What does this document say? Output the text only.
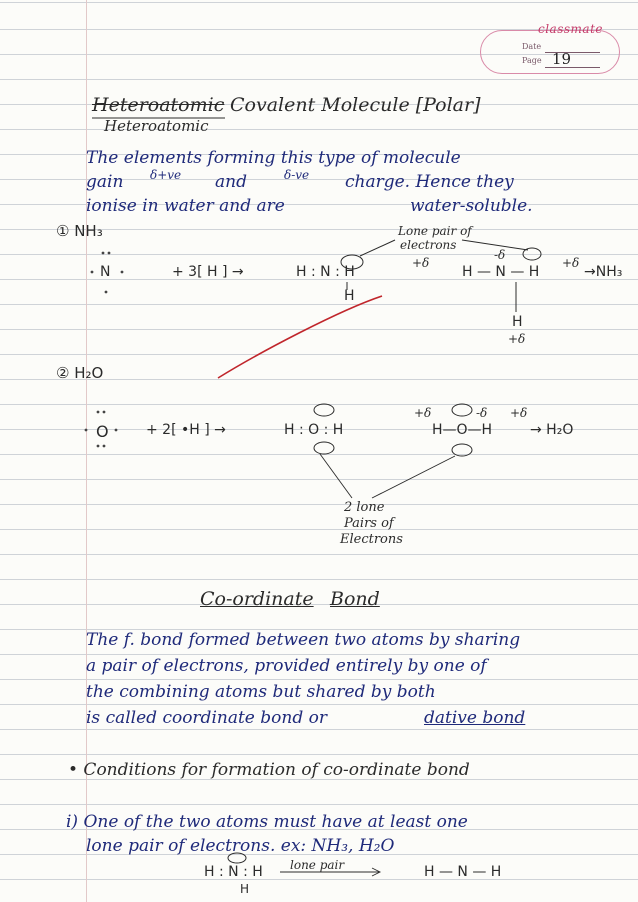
classmate
Date
Page 19
Heteroatomic Covalent Molecule [Polar]
Heteroatomic
The elements forming this type of molecule
gain δ+ve and	δ-ve charge. Hence they
ionise in water and are	water-soluble.
① NH₃	Lone pair of
electrons
N	+ 3[ H ] →	H : N : H
H
+δ
H — N — H
-δ
+δ
H
+δ
→NH₃
② H₂O
O	+ 2[ •H ] →	H : O : H
+δ	-δ +δ
H—O—H	→ H₂O
2 lone
Pairs of
Electrons
Co-ordinate Bond
The f. bond formed between two atoms by sharing
a pair of electrons, provided entirely by one of
the combining atoms but shared by both
is called coordinate bond or	dative bond
• Conditions for formation of co-ordinate bond
i) One of the two atoms must have at least one
lone pair of electrons. ex: NH₃, H₂O
H : N : H
H
lone pair	H — N — H
